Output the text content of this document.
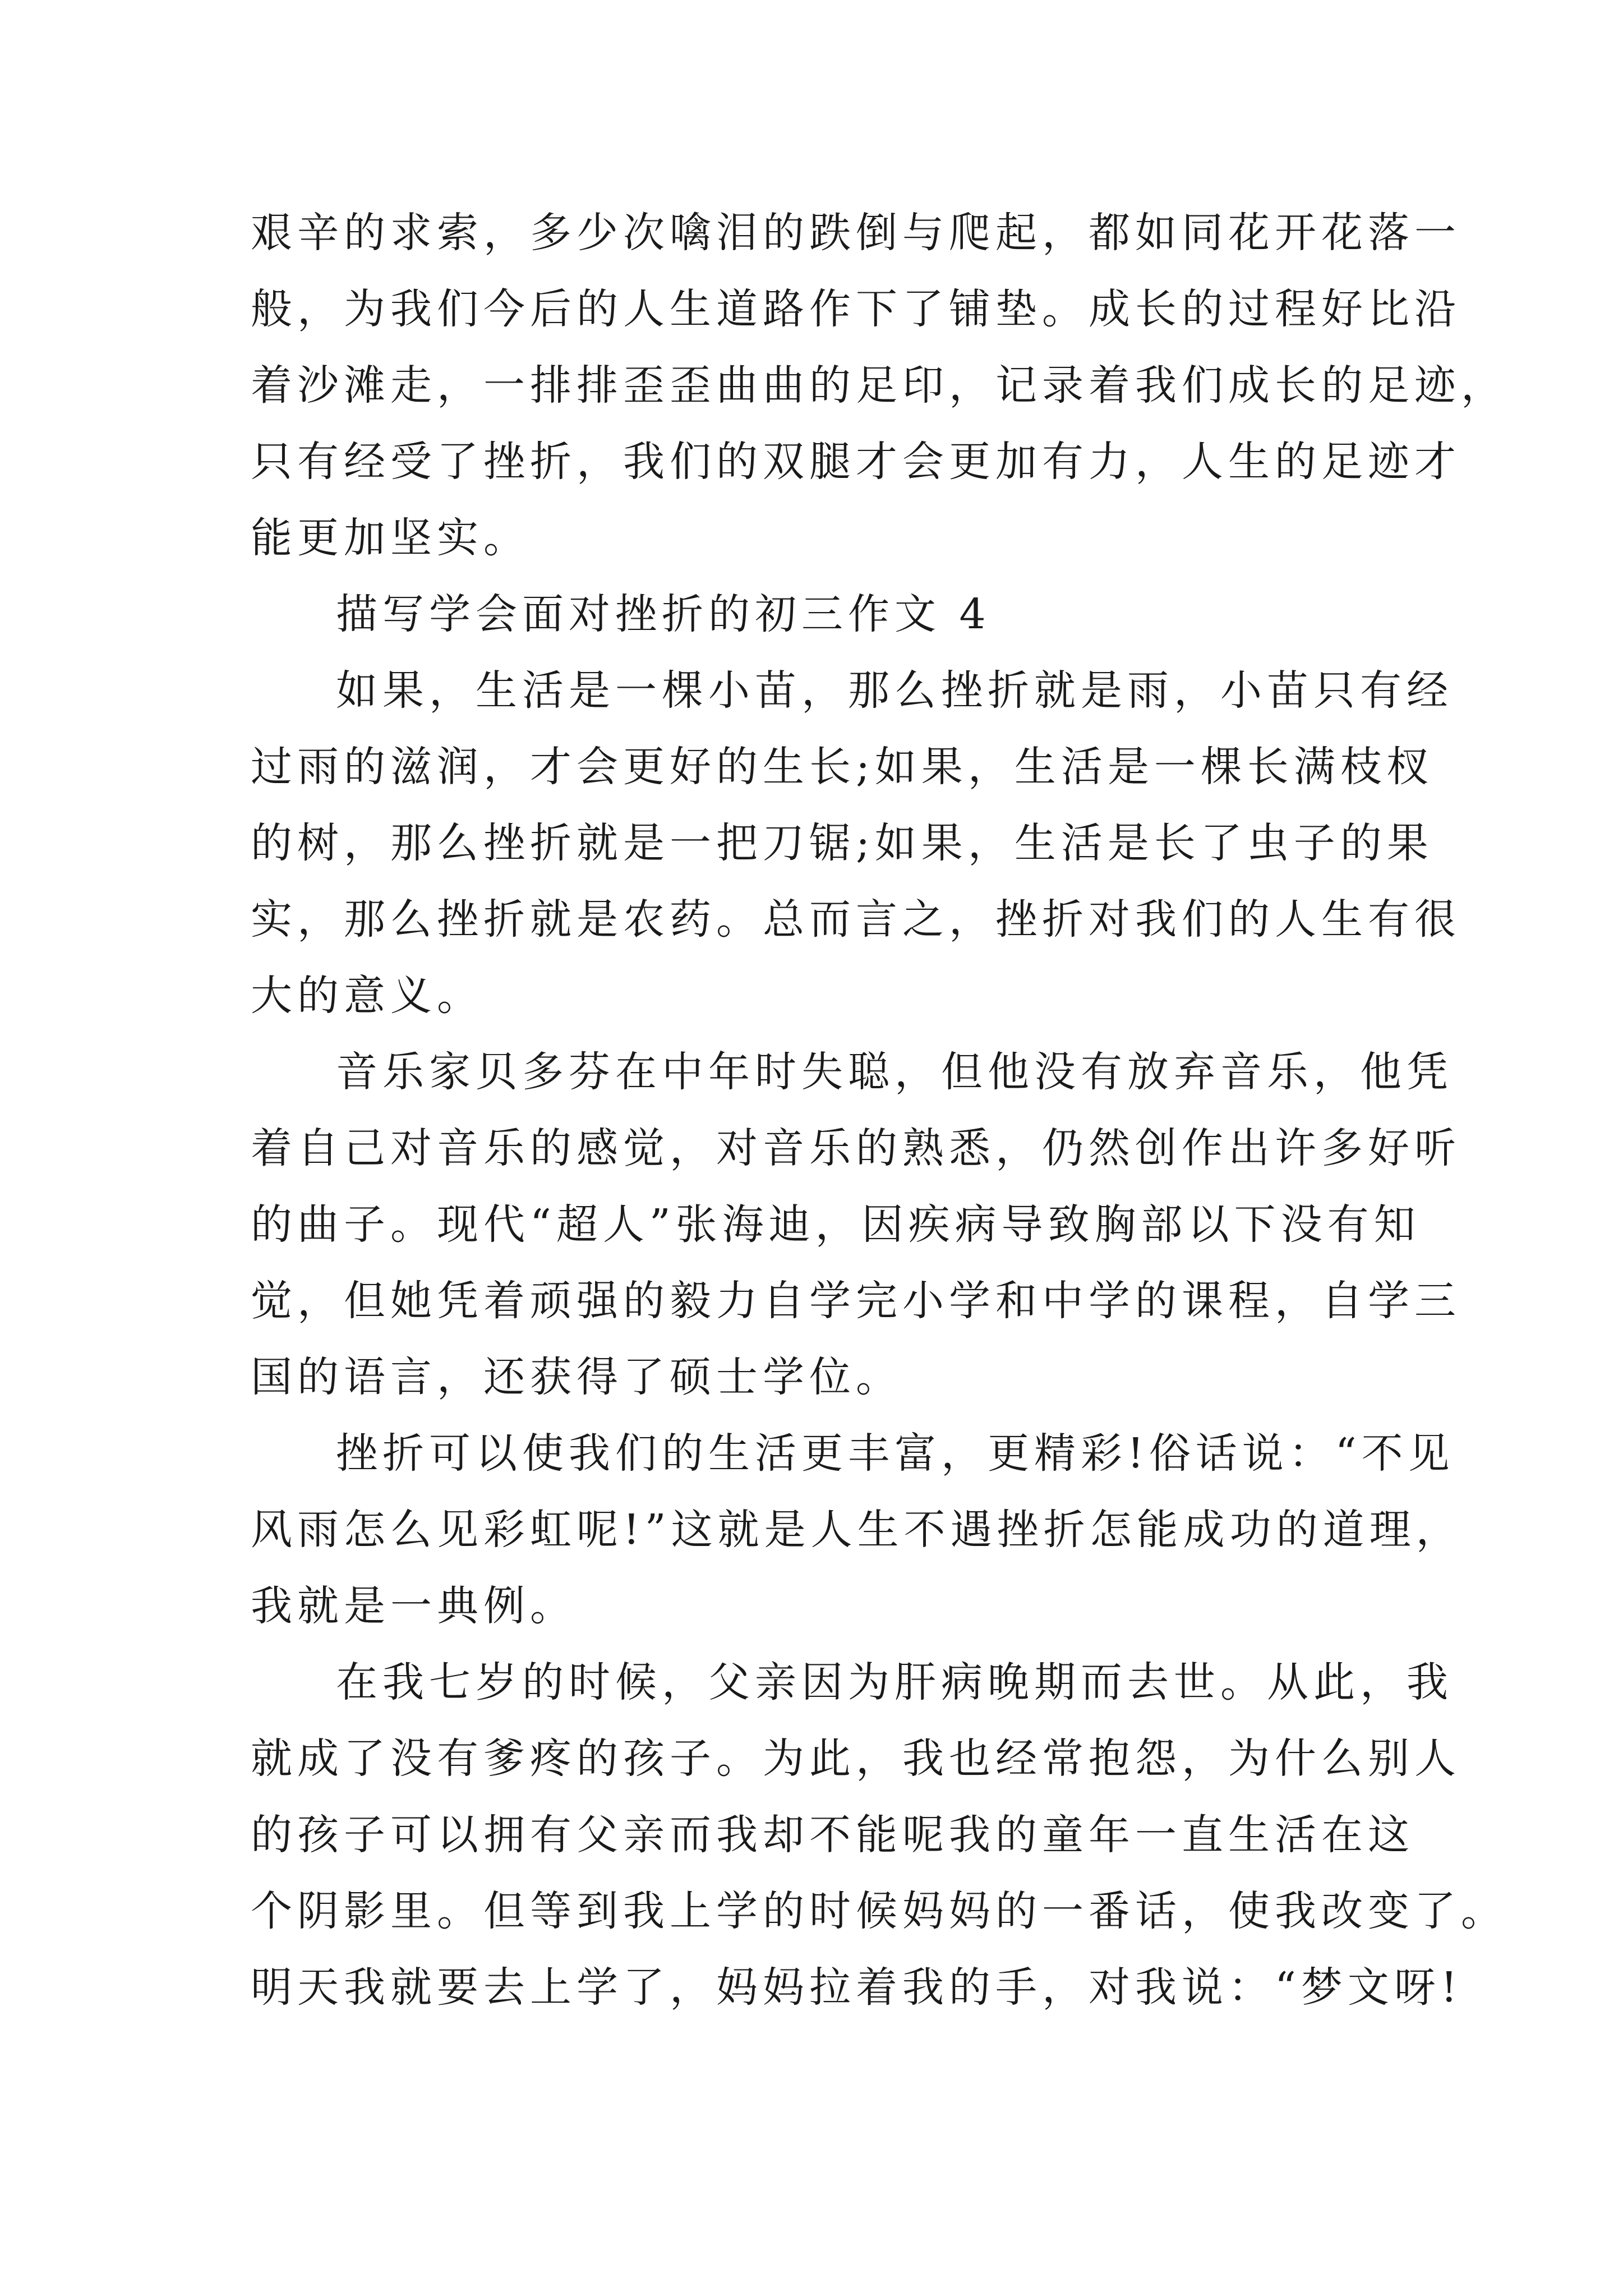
艰辛的求索，多少次噙泪的跌倒与爬起，都如同花开花落一
般，为我们今后的人生道路作下了铺垫。成长的过程好比沿
着沙滩走，一排排歪歪曲曲的足印，记录着我们成长的足迹，
只有经受了挫折，我们的双腿才会更加有力，人生的足迹才
能更加坚实。
描写学会面对挫折的初三作文 4
如果，生活是一棵小苗，那么挫折就是雨，小苗只有经
过雨的滋润，才会更好的生长;如果，生活是一棵长满枝杈
的树，那么挫折就是一把刀锯;如果，生活是长了虫子的果
实，那么挫折就是农药。总而言之，挫折对我们的人生有很
大的意义。
音乐家贝多芬在中年时失聪，但他没有放弃音乐，他凭
着自己对音乐的感觉，对音乐的熟悉，仍然创作出许多好听
的曲子。现代“超人”张海迪，因疾病导致胸部以下没有知
觉，但她凭着顽强的毅力自学完小学和中学的课程，自学三
国的语言，还获得了硕士学位。
挫折可以使我们的生活更丰富，更精彩!俗话说：“不见
风雨怎么见彩虹呢!”这就是人生不遇挫折怎能成功的道理，
我就是一典例。
在我七岁的时候，父亲因为肝病晚期而去世。从此，我
就成了没有爹疼的孩子。为此，我也经常抱怨，为什么别人
的孩子可以拥有父亲而我却不能呢我的童年一直生活在这
个阴影里。但等到我上学的时候妈妈的一番话，使我改变了。
明天我就要去上学了，妈妈拉着我的手，对我说：“梦文呀!
